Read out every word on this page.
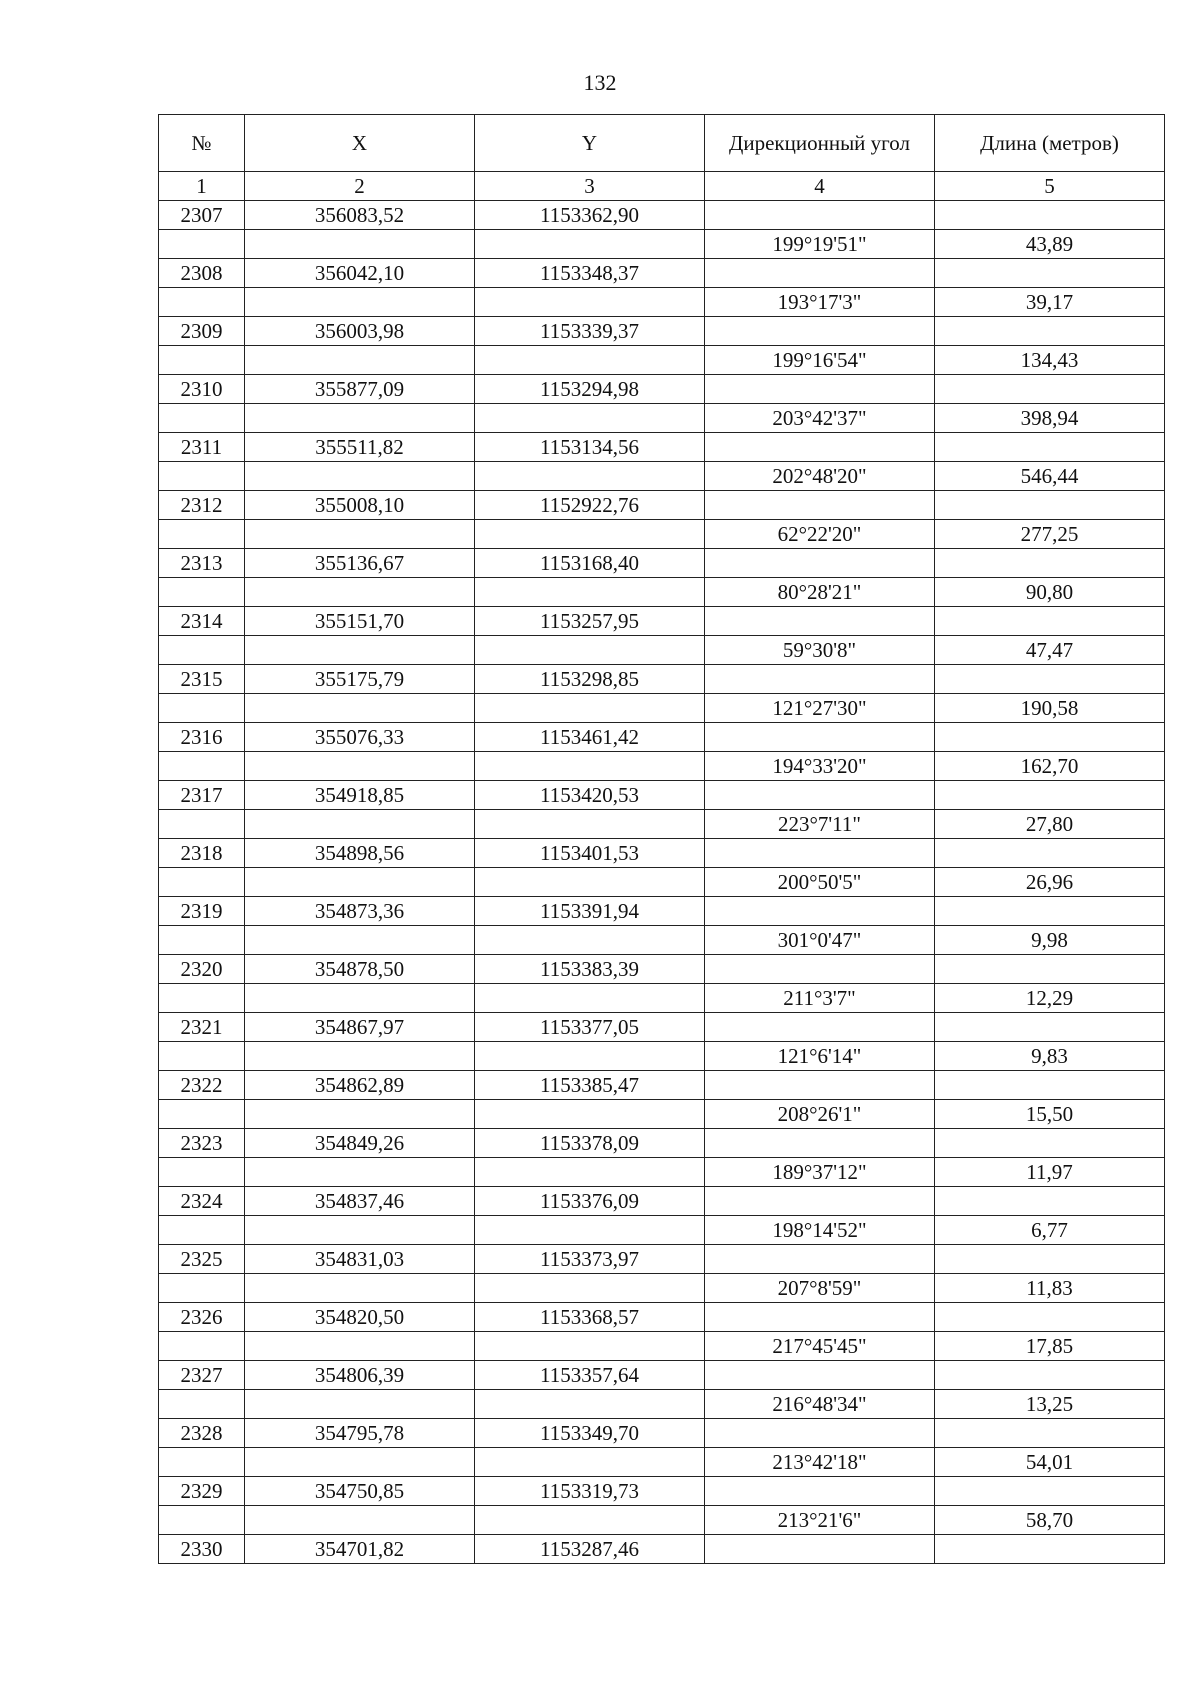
132
№	X	Y	Дирекционный угол	Длина (метров)
1	2	3	4	5
2307	356083,52	1153362,90		
			199°19'51"	43,89
2308	356042,10	1153348,37		
			193°17'3"	39,17
2309	356003,98	1153339,37		
			199°16'54"	134,43
2310	355877,09	1153294,98		
			203°42'37"	398,94
2311	355511,82	1153134,56		
			202°48'20"	546,44
2312	355008,10	1152922,76		
			62°22'20"	277,25
2313	355136,67	1153168,40		
			80°28'21"	90,80
2314	355151,70	1153257,95		
			59°30'8"	47,47
2315	355175,79	1153298,85		
			121°27'30"	190,58
2316	355076,33	1153461,42		
			194°33'20"	162,70
2317	354918,85	1153420,53		
			223°7'11"	27,80
2318	354898,56	1153401,53		
			200°50'5"	26,96
2319	354873,36	1153391,94		
			301°0'47"	9,98
2320	354878,50	1153383,39		
			211°3'7"	12,29
2321	354867,97	1153377,05		
			121°6'14"	9,83
2322	354862,89	1153385,47		
			208°26'1"	15,50
2323	354849,26	1153378,09		
			189°37'12"	11,97
2324	354837,46	1153376,09		
			198°14'52"	6,77
2325	354831,03	1153373,97		
			207°8'59"	11,83
2326	354820,50	1153368,57		
			217°45'45"	17,85
2327	354806,39	1153357,64		
			216°48'34"	13,25
2328	354795,78	1153349,70		
			213°42'18"	54,01
2329	354750,85	1153319,73		
			213°21'6"	58,70
2330	354701,82	1153287,46		
